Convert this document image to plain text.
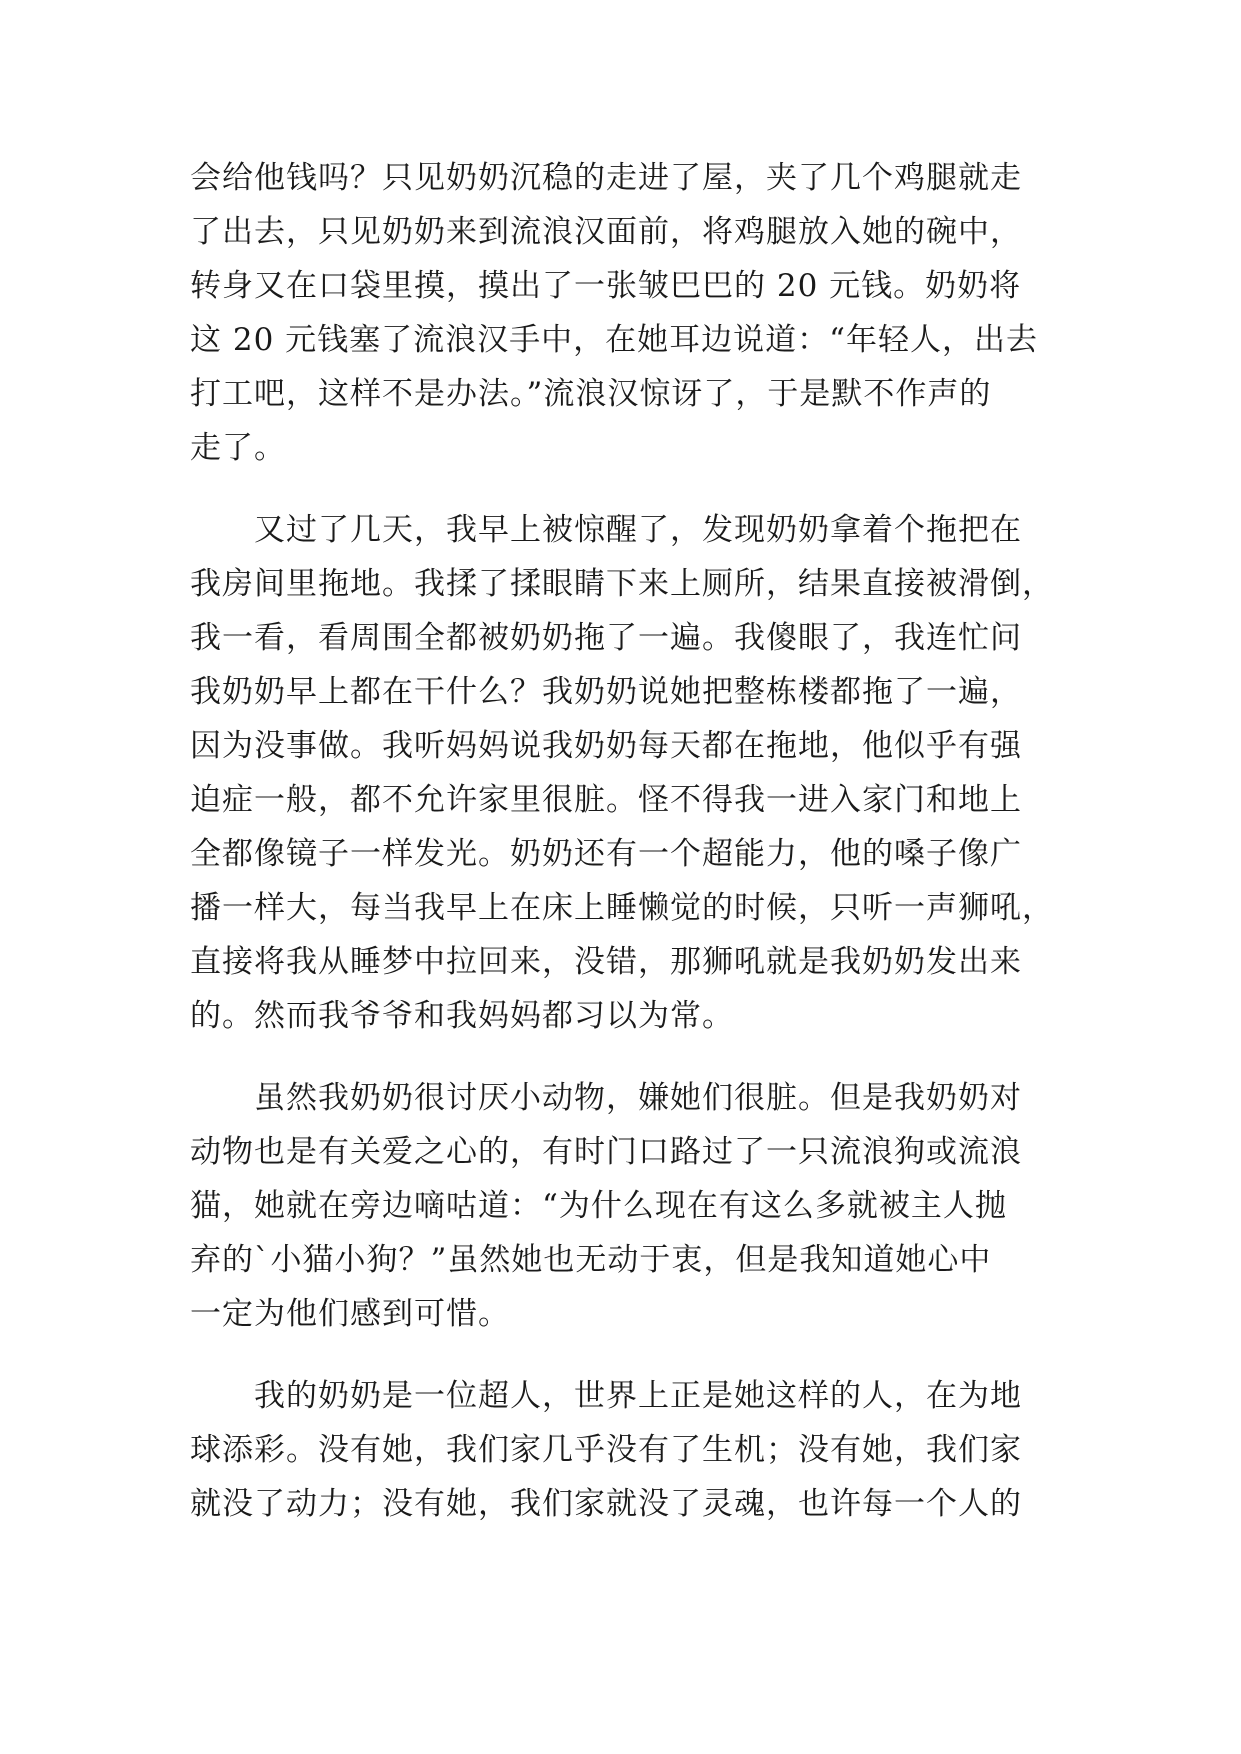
会给他钱吗？只见奶奶沉稳的走进了屋，夹了几个鸡腿就走
了出去，只见奶奶来到流浪汉面前，将鸡腿放入她的碗中，
转身又在口袋里摸，摸出了一张皱巴巴的 20 元钱。奶奶将
这 20 元钱塞了流浪汉手中，在她耳边说道：“年轻人，出去
打工吧，这样不是办法。”流浪汉惊讶了，于是默不作声的
走了。
又过了几天，我早上被惊醒了，发现奶奶拿着个拖把在
我房间里拖地。我揉了揉眼睛下来上厕所，结果直接被滑倒，
我一看，看周围全都被奶奶拖了一遍。我傻眼了，我连忙问
我奶奶早上都在干什么？我奶奶说她把整栋楼都拖了一遍，
因为没事做。我听妈妈说我奶奶每天都在拖地，他似乎有强
迫症一般，都不允许家里很脏。怪不得我一进入家门和地上
全都像镜子一样发光。奶奶还有一个超能力，他的嗓子像广
播一样大，每当我早上在床上睡懒觉的时候，只听一声狮吼，
直接将我从睡梦中拉回来，没错，那狮吼就是我奶奶发出来
的。然而我爷爷和我妈妈都习以为常。
虽然我奶奶很讨厌小动物，嫌她们很脏。但是我奶奶对
动物也是有关爱之心的，有时门口路过了一只流浪狗或流浪
猫，她就在旁边嘀咕道：“为什么现在有这么多就被主人抛
弃的`小猫小狗？”虽然她也无动于衷，但是我知道她心中
一定为他们感到可惜。
我的奶奶是一位超人，世界上正是她这样的人，在为地
球添彩。没有她，我们家几乎没有了生机；没有她，我们家
就没了动力；没有她，我们家就没了灵魂，也许每一个人的
